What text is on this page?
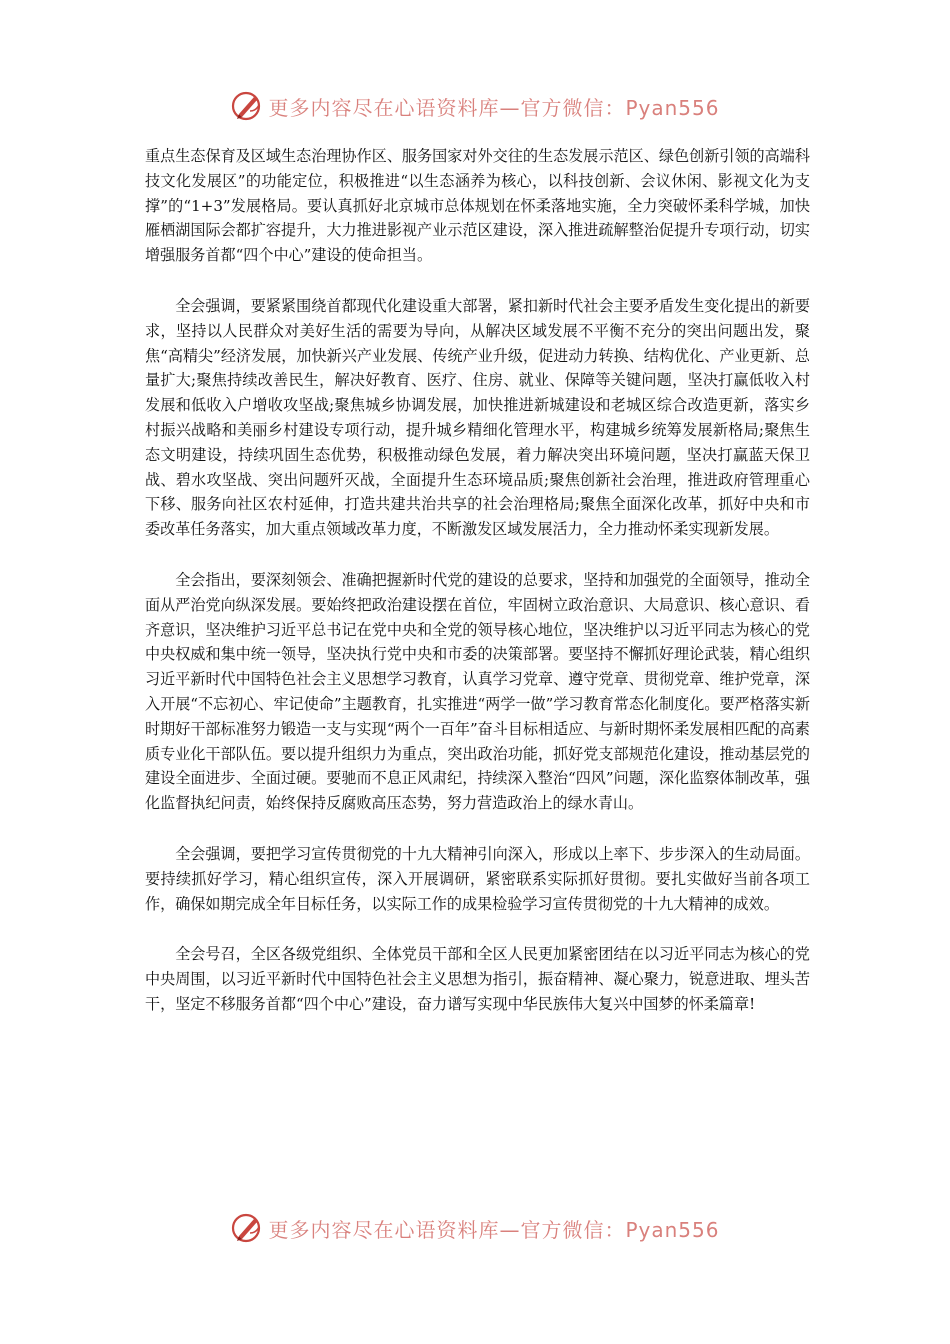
更多内容尽在心语资料库—官方微信：Pyan556

重点生态保育及区域生态治理协作区、服务国家对外交往的生态发展示范区、绿色创新引领的高端科技文化发展区”的功能定位，积极推进“以生态涵养为核心，以科技创新、会议休闲、影视文化为支撑”的“1+3”发展格局。要认真抓好北京城市总体规划在怀柔落地实施，全力突破怀柔科学城，加快雁栖湖国际会都扩容提升，大力推进影视产业示范区建设，深入推进疏解整治促提升专项行动，切实增强服务首都“四个中心”建设的使命担当。

全会强调，要紧紧围绕首都现代化建设重大部署，紧扣新时代社会主要矛盾发生变化提出的新要求，坚持以人民群众对美好生活的需要为导向，从解决区域发展不平衡不充分的突出问题出发，聚焦“高精尖”经济发展，加快新兴产业发展、传统产业升级，促进动力转换、结构优化、产业更新、总量扩大;聚焦持续改善民生，解决好教育、医疗、住房、就业、保障等关键问题，坚决打赢低收入村发展和低收入户增收攻坚战;聚焦城乡协调发展，加快推进新城建设和老城区综合改造更新，落实乡村振兴战略和美丽乡村建设专项行动，提升城乡精细化管理水平，构建城乡统筹发展新格局;聚焦生态文明建设，持续巩固生态优势，积极推动绿色发展，着力解决突出环境问题，坚决打赢蓝天保卫战、碧水攻坚战、突出问题歼灭战，全面提升生态环境品质;聚焦创新社会治理，推进政府管理重心下移、服务向社区农村延伸，打造共建共治共享的社会治理格局;聚焦全面深化改革，抓好中央和市委改革任务落实，加大重点领域改革力度，不断激发区域发展活力，全力推动怀柔实现新发展。

全会指出，要深刻领会、准确把握新时代党的建设的总要求，坚持和加强党的全面领导，推动全面从严治党向纵深发展。要始终把政治建设摆在首位，牢固树立政治意识、大局意识、核心意识、看齐意识，坚决维护习近平总书记在党中央和全党的领导核心地位，坚决维护以习近平同志为核心的党中央权威和集中统一领导，坚决执行党中央和市委的决策部署。要坚持不懈抓好理论武装，精心组织习近平新时代中国特色社会主义思想学习教育，认真学习党章、遵守党章、贯彻党章、维护党章，深入开展“不忘初心、牢记使命”主题教育，扎实推进“两学一做”学习教育常态化制度化。要严格落实新时期好干部标准努力锻造一支与实现“两个一百年”奋斗目标相适应、与新时期怀柔发展相匹配的高素质专业化干部队伍。要以提升组织力为重点，突出政治功能，抓好党支部规范化建设，推动基层党的建设全面进步、全面过硬。要驰而不息正风肃纪，持续深入整治“四风”问题，深化监察体制改革，强化监督执纪问责，始终保持反腐败高压态势，努力营造政治上的绿水青山。

全会强调，要把学习宣传贯彻党的十九大精神引向深入，形成以上率下、步步深入的生动局面。要持续抓好学习，精心组织宣传，深入开展调研，紧密联系实际抓好贯彻。要扎实做好当前各项工作，确保如期完成全年目标任务，以实际工作的成果检验学习宣传贯彻党的十九大精神的成效。

全会号召，全区各级党组织、全体党员干部和全区人民更加紧密团结在以习近平同志为核心的党中央周围，以习近平新时代中国特色社会主义思想为指引，振奋精神、凝心聚力，锐意进取、埋头苦干，坚定不移服务首都“四个中心”建设，奋力谱写实现中华民族伟大复兴中国梦的怀柔篇章!

更多内容尽在心语资料库—官方微信：Pyan556
